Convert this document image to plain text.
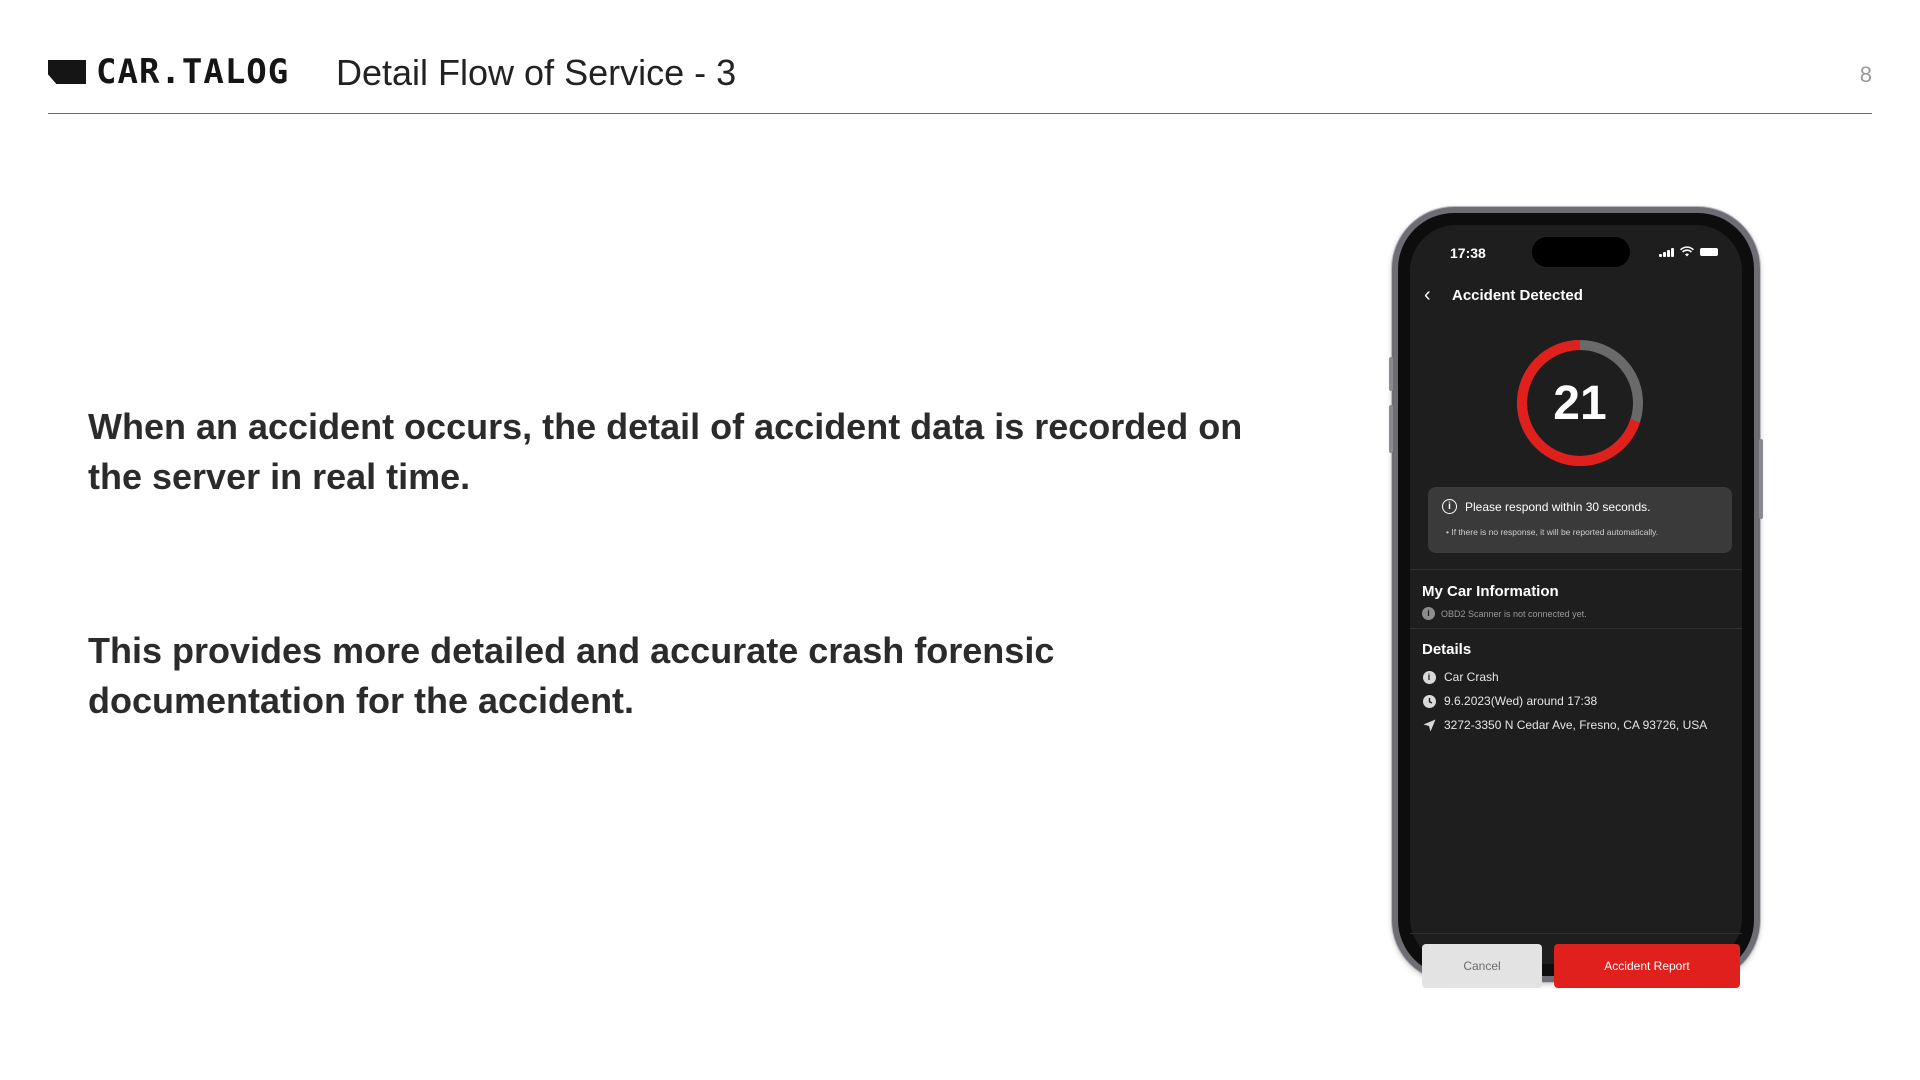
CAR.TALOG Detail Flow of Service - 3	8
When an accident occurs, the detail of accident data is recorded on the server in real time.
This provides more detailed and accurate crash forensic documentation for the accident.
17:38
‹	Accident Detected
21
i	Please respond within 30 seconds.
• If there is no response, it will be reported automatically.
My Car Information
i	OBD2 Scanner is not connected yet.
Details
i	Car Crash
9.6.2023(Wed) around 17:38
3272-3350 N Cedar Ave, Fresno, CA 93726, USA
Cancel	Accident Report
